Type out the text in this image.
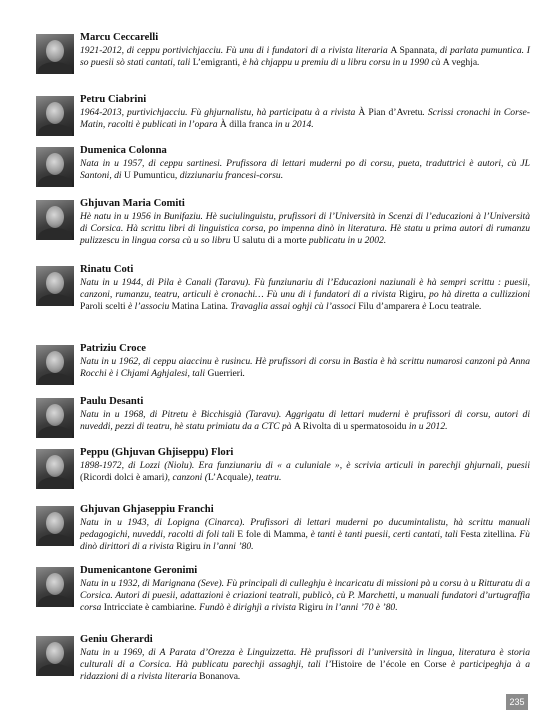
Marcu Ceccarelli

1921-2012, di ceppu portivichjacciu. Fù unu di i fundatori di a rivista literaria A Spannata, di parlata pumuntica. I so puesii sò stati cantati, tali L’emigranti, è hà chjappu u premiu di u libru corsu in u 1990 cù A veghja.

Petru Ciabrini

1964-2013, purtivichjacciu. Fù ghjurnalistu, hà participatu à a rivista À Pian d’Avretu. Scrissi cronachi in Corse-Matin, racolti è publicati in l’opara À dilla franca in u 2014.

Dumenica Colonna

Nata in u 1957, di ceppu sartinesi. Prufissora di lettari muderni po di corsu, pueta, traduttrici è autori, cù JL Santoni, di U Pumunticu, dizziunariu francesi-corsu.

Ghjuvan Maria Comiti

Hè natu in u 1956 in Bunifaziu. Hè suciulinguistu, prufissori di l’Università in Scenzi di l’educazioni à l’Università di Corsica. Hà scrittu libri di linguistica corsa, po impenna dinò in literatura. Hè statu u prima autori di rumanzu pulizzescu in lingua corsa cù u so libru U salutu di a morte publicatu in u 2002.

Rinatu Coti

Natu in u 1944, di Pila è Canali (Taravu). Fù funziunariu di l’Educazioni naziunali è hà sempri scrittu : puesii, canzoni, rumanzu, teatru, articuli è cronachi… Fù unu di i fundatori di a rivista Rigiru, po hà diretta a cullizzioni Paroli scelti è l’associu Matina Latina. Travaglia assai oghji cù l’associ Filu d’amparera è Locu teatrale.

Patriziu Croce

Natu in u 1962, di ceppu aiaccinu è rusincu. Hè prufissori di corsu in Bastia è hà scrittu numarosi canzoni pà Anna Rocchi è i Chjami Aghjalesi, tali Guerrieri.

Paulu Desanti

Natu in u 1968, di Pitretu è Bicchisgià (Taravu). Aggrigatu di lettari muderni è prufissori di corsu, autori di nuveddi, pezzi di teatru, hè statu primiatu da a CTC pà A Rivolta di u spermatosoidu in u 2012.

Peppu (Ghjuvan Ghjiseppu) Flori

1898-1972, di Lozzi (Niolu). Era funziunariu di « a culuniale », è scrivia articuli in parechji ghjurnali, puesii (Ricordi dolci è amari), canzoni (L’Acquale), teatru.

Ghjuvan Ghjaseppiu Franchi

Natu in u 1943, di Lopigna (Cinarca). Prufissori di lettari muderni po ducumintalistu, hà scrittu manuali pedagogichi, nuveddi, racolti di foli tali E fole di Mamma, è tanti è tanti puesii, certi cantati, tali Festa zitellina. Fù dinò dirittori di a rivista Rigiru in l’anni ’80.

Dumenicantone Geronimi

Natu in u 1932, di Marignana (Seve). Fù principali di culleghju è incaricatu di missioni pà u corsu à u Ritturatu di a Corsica. Autori di puesii, adattazioni è criazioni teatrali, publicò, cù P. Marchetti, u manuali fundatori d’urtugraffia corsa Intricciate è cambiarine. Fundò è dirighjì a rivista Rigiru in l’anni ’70 è ’80.

Geniu Gherardi

Natu in u 1969, di A Parata d’Orezza è Linguizzetta. Hè prufissori di l’università in lingua, literatura è storia culturali di a Corsica. Hà publicatu parechji assaghji, tali l’Histoire de l’école en Corse è participeghja à a ridazzioni di a rivista literaria Bonanova.

235
